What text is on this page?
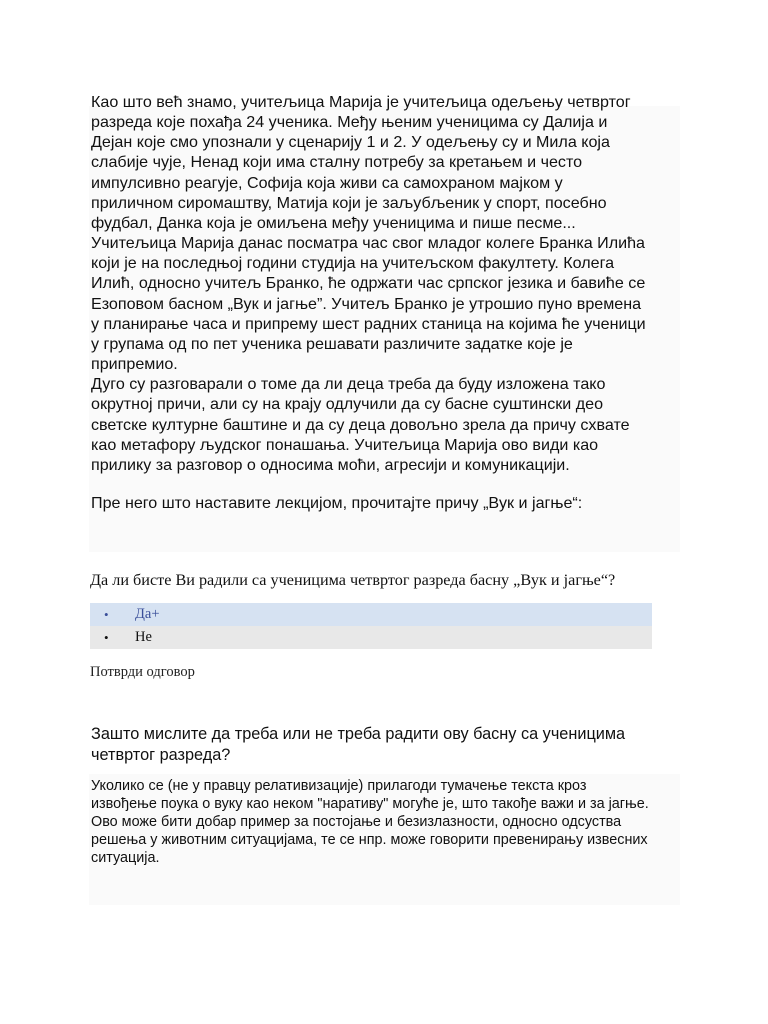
Као што већ знамо, учитељица Марија је учитељица одељењу четвртог
разреда које похађа 24 ученика. Међу њеним ученицима су Далија и
Дејан које смо упознали у сценарију 1 и 2. У одељењу су и Мила која
слабије чује, Ненад који има сталну потребу за кретањем и често
импулсивно реагује, Софија која живи са самохраном мајком у
приличном сиромаштву, Матија који је заљубљеник у спорт, посебно
фудбал, Данка која је омиљена међу ученицима и пише песме...
Учитељица Марија данас посматра час свог младог колеге Бранка Илића
који је на последњој години студија на учитељском факултету. Колега
Илић, односно учитељ Бранко, ће одржати час српског језика и бавиће се
Езоповом басном „Вук и јагње”. Учитељ Бранко је утрошио пуно времена
у планирање часа и припрему шест радних станица на којима ће ученици
у групама од по пет ученика решавати различите задатке које је
припремио.
Дуго су разговарали о томе да ли деца треба да буду изложена тако
окрутној причи, али су на крају одлучили да су басне суштински део
светске културне баштине и да су деца довољно зрела да причу схвате
као метафору људског понашања. Учитељица Марија ово види као
прилику за разговор о односима моћи, агресији и комуникацији.

Пре него што наставите лекцијом, прочитајте причу „Вук и јагње“:

Да ли бисте Ви радили са ученицима четвртог разреда басну „Вук и јагње“?

• Да+
• Не
Потврди одговор
Зашто мислите да треба или не треба радити ову басну са ученицима
четвртог разреда?

Уколико се (не у правцу релативизације) прилагоди тумачење текста кроз
извођење поука о вуку као неком "наративу" могуће је, што такође важи и за јагње.
Ово може бити добар пример за постојање и безизлазности, односно одсуства
решења у животним ситуацијама, те се нпр. може говорити превенирању извесних
ситуација.
